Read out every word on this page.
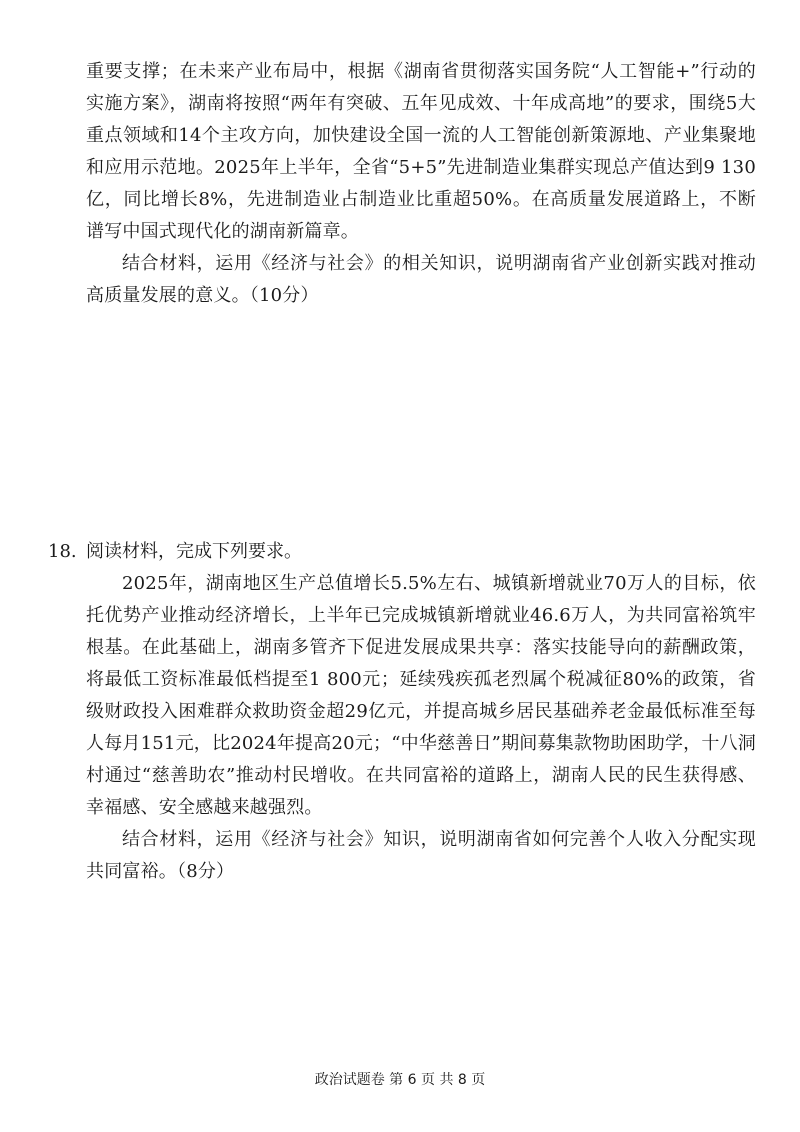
重要支撑；在未来产业布局中，根据《湖南省贯彻落实国务院“人工智能+”行动的实施方案》，湖南将按照“两年有突破、五年见成效、十年成高地”的要求，围绕5大重点领域和14个主攻方向，加快建设全国一流的人工智能创新策源地、产业集聚地和应用示范地。2025年上半年，全省“5+5”先进制造业集群实现总产值达到9 130亿，同比增长8%，先进制造业占制造业比重超50%。在高质量发展道路上，不断谱写中国式现代化的湖南新篇章。

结合材料，运用《经济与社会》的相关知识，说明湖南省产业创新实践对推动高质量发展的意义。（10分）

18. 阅读材料，完成下列要求。

2025年，湖南地区生产总值增长5.5%左右、城镇新增就业70万人的目标，依托优势产业推动经济增长，上半年已完成城镇新增就业46.6万人，为共同富裕筑牢根基。在此基础上，湖南多管齐下促进发展成果共享：落实技能导向的薪酬政策，将最低工资标准最低档提至1 800元；延续残疾孤老烈属个税减征80%的政策，省级财政投入困难群众救助资金超29亿元，并提高城乡居民基础养老金最低标准至每人每月151元，比2024年提高20元；“中华慈善日”期间募集款物助困助学，十八洞村通过“慈善助农”推动村民增收。在共同富裕的道路上，湖南人民的民生获得感、幸福感、安全感越来越强烈。

结合材料，运用《经济与社会》知识，说明湖南省如何完善个人收入分配实现共同富裕。（8分）

政治试题卷 第 6 页 共 8 页
